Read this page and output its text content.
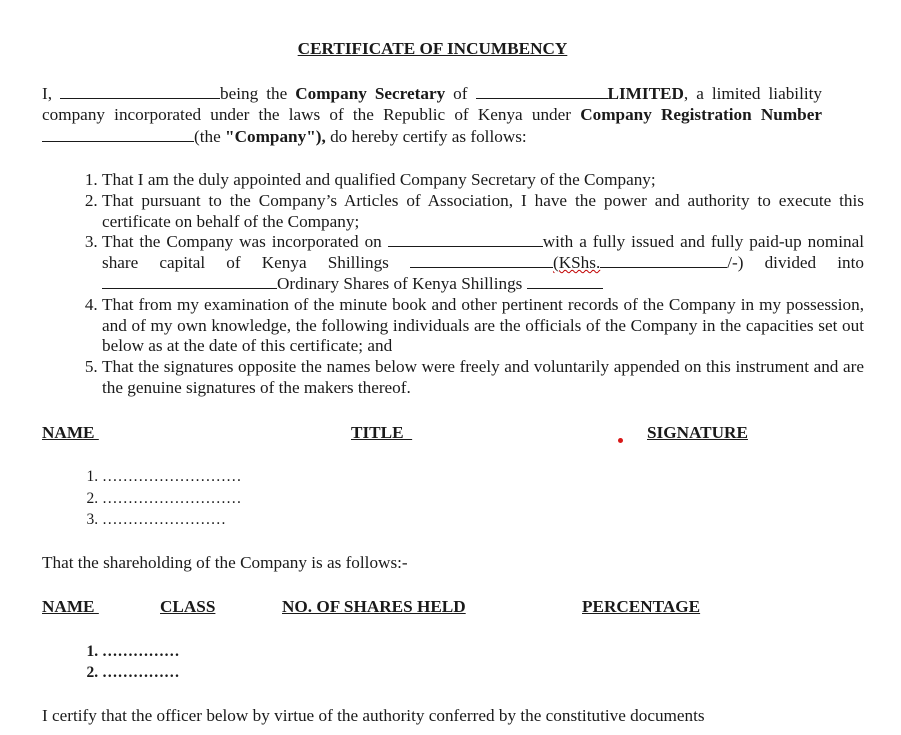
CERTIFICATE OF INCUMBENCY
I,	being the Company Secretary of	LIMITED, a limited liability company incorporated under the laws of the Republic of Kenya under Company Registration Number (the "Company"), do hereby certify as follows:
1. That I am the duly appointed and qualified Company Secretary of the Company;
2. That pursuant to the Company’s Articles of Association, I have the power and authority to execute this certificate on behalf of the Company;
3. That the Company was incorporated on	with a fully issued and fully paid-up nominal share capital of Kenya Shillings	(KShs.	/-) divided into Ordinary Shares of Kenya Shillings
4. That from my examination of the minute book and other pertinent records of the Company in my possession, and of my own knowledge, the following individuals are the officials of the Company in the capacities set out below as at the date of this certificate; and
5. That the signatures opposite the names below were freely and voluntarily appended on this instrument and are the genuine signatures of the makers thereof.
NAME	TITLE	SIGNATURE
1. ………………………
2. ………………………
3. ……………………
That the shareholding of the Company is as follows:-
NAME	CLASS	NO. OF SHARES HELD	PERCENTAGE
1. ……………
2. ……………
I certify that the officer below by virtue of the authority conferred by the constitutive documents
